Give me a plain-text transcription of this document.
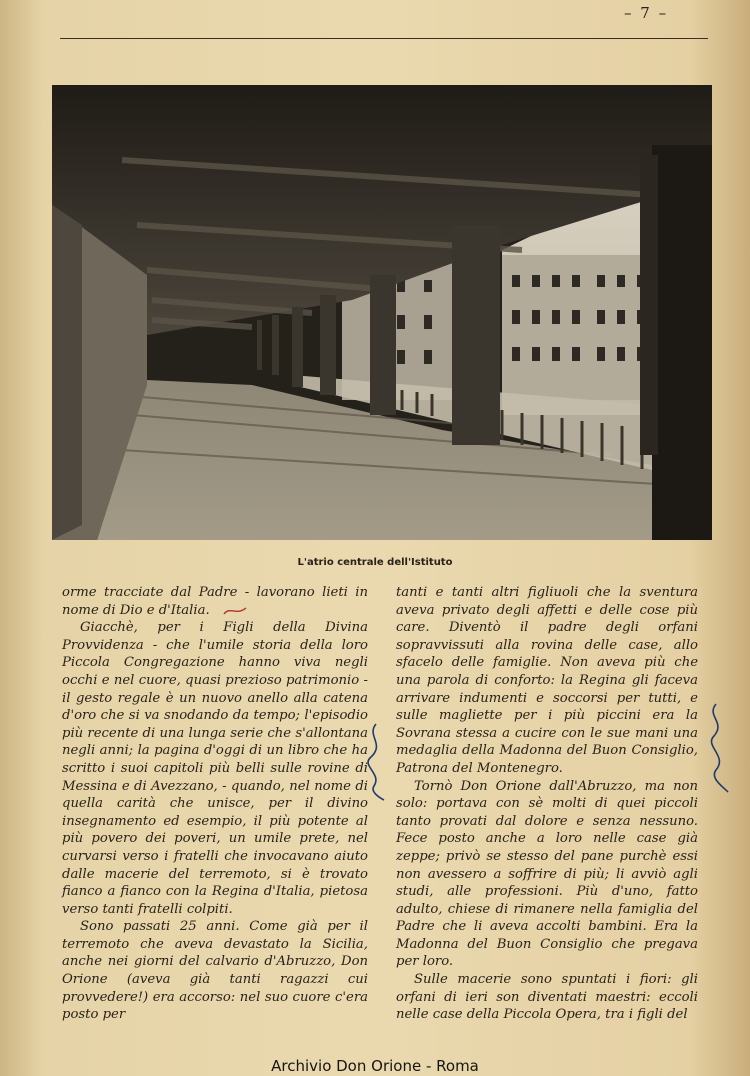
– 7 –
L'atrio centrale dell'Istituto

orme tracciate dal Padre - lavorano lieti in nome di Dio e d'Italia.

Giacchè, per i Figli della Divina Provvidenza - che l'umile storia della loro Piccola Congregazione hanno viva negli occhi e nel cuore, quasi prezioso patrimonio - il gesto regale è un nuovo anello alla catena d'oro che si va snodando da tempo; l'episodio più recente di una lunga serie che s'allontana negli anni; la pagina d'oggi di un libro che ha scritto i suoi capitoli più belli sulle rovine di Messina e di Avezzano, - quando, nel nome di quella carità che unisce, per il divino insegnamento ed esempio, il più potente al più povero dei poveri, un umile prete, nel curvarsi verso i fratelli che invocavano aiuto dalle macerie del terremoto, si è trovato fianco a fianco con la Regina d'Italia, pietosa verso tanti fratelli colpiti.

Sono passati 25 anni. Come già per il terremoto che aveva devastato la Sicilia, anche nei giorni del calvario d'Abruzzo, Don Orione (aveva già tanti ragazzi cui provvedere!) era accorso: nel suo cuore c'era posto per

tanti e tanti altri figliuoli che la sventura aveva privato degli affetti e delle cose più care. Diventò il padre degli orfani sopravvissuti alla rovina delle case, allo sfacelo delle famiglie. Non aveva più che una parola di conforto: la Regina gli faceva arrivare indumenti e soccorsi per tutti, e sulle magliette per i più piccini era la Sovrana stessa a cucire con le sue mani una medaglia della Madonna del Buon Consiglio, Patrona del Montenegro.

Tornò Don Orione dall'Abruzzo, ma non solo: portava con sè molti di quei piccoli tanto provati dal dolore e senza nessuno. Fece posto anche a loro nelle case già zeppe; privò se stesso del pane purchè essi non avessero a soffrire di più; li avviò agli studi, alle professioni. Più d'uno, fatto adulto, chiese di rimanere nella famiglia del Padre che li aveva accolti bambini. Era la Madonna del Buon Consiglio che pregava per loro.

Sulle macerie sono spuntati i fiori: gli orfani di ieri son diventati maestri: eccoli nelle case della Piccola Opera, tra i figli del

Archivio Don Orione - Roma
